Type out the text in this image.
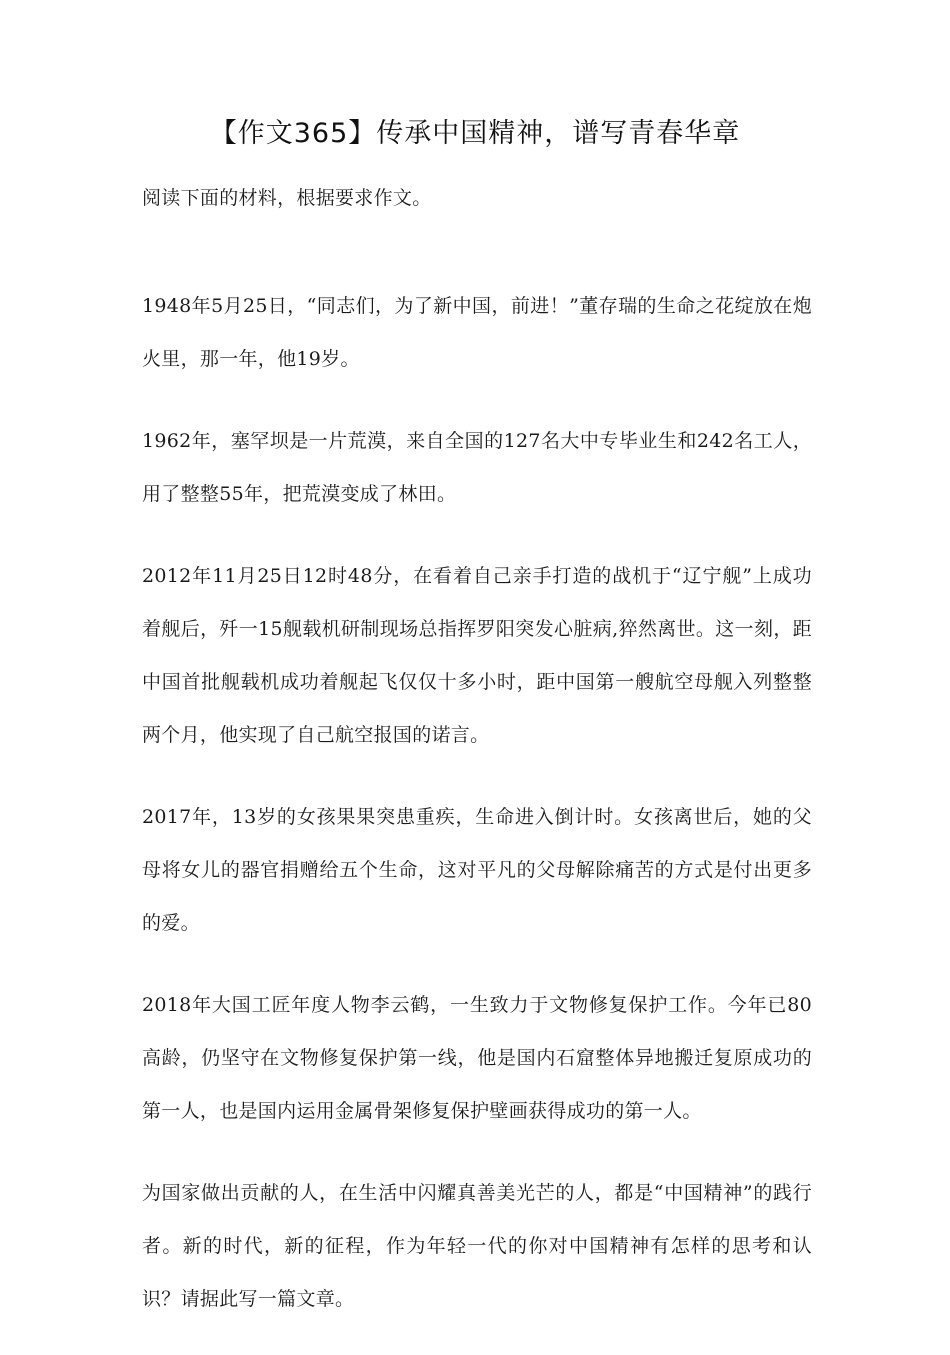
【作文365】传承中国精神，谱写青春华章

阅读下面的材料，根据要求作文。

1948年5月25日，“同志们，为了新中国，前进！”董存瑞的生命之花绽放在炮火里，那一年，他19岁。

1962年，塞罕坝是一片荒漠，来自全国的127名大中专毕业生和242名工人，用了整整55年，把荒漠变成了林田。

2012年11月25日12时48分，在看着自己亲手打造的战机于“辽宁舰”上成功着舰后，歼一15舰载机研制现场总指挥罗阳突发心脏病,猝然离世。这一刻，距中国首批舰载机成功着舰起飞仅仅十多小时，距中国第一艘航空母舰入列整整两个月，他实现了自己航空报国的诺言。

2017年，13岁的女孩果果突患重疾，生命进入倒计时。女孩离世后，她的父母将女儿的器官捐赠给五个生命，这对平凡的父母解除痛苦的方式是付出更多的爱。

2018年大国工匠年度人物李云鹤，一生致力于文物修复保护工作。今年已80高龄，仍坚守在文物修复保护第一线，他是国内石窟整体异地搬迁复原成功的第一人，也是国内运用金属骨架修复保护壁画获得成功的第一人。

为国家做出贡献的人，在生活中闪耀真善美光芒的人，都是“中国精神”的践行者。新的时代，新的征程，作为年轻一代的你对中国精神有怎样的思考和认识？请据此写一篇文章。
